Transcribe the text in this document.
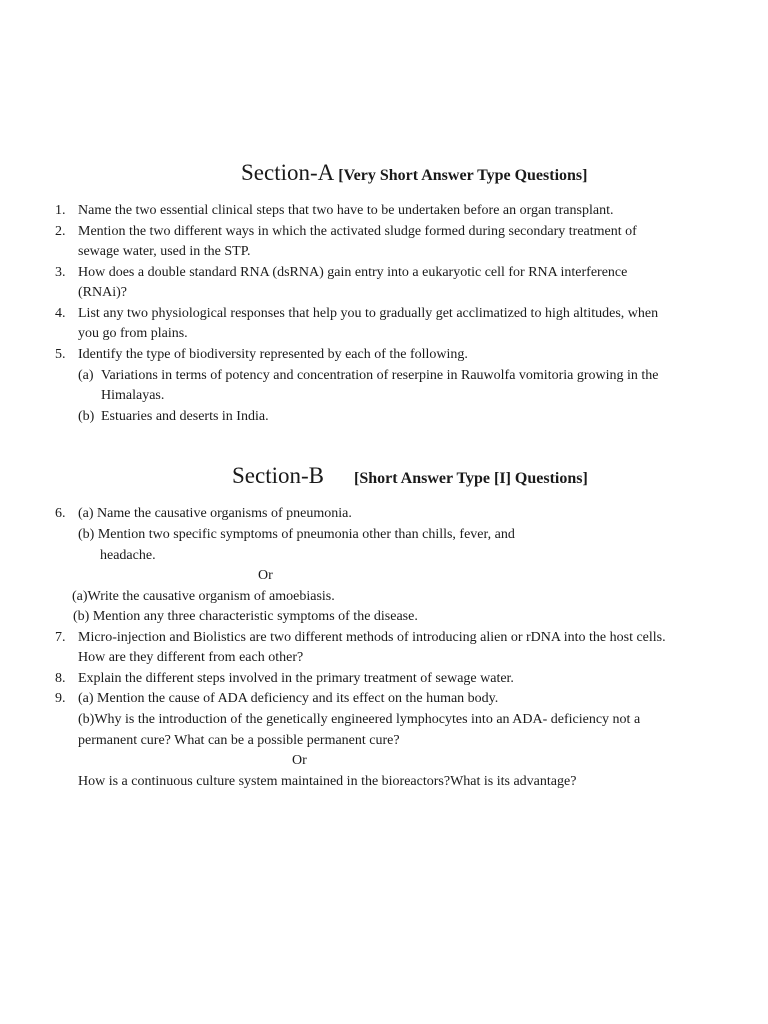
Section-A [Very Short Answer Type Questions]
1. Name the two essential clinical steps that two have to be undertaken before an organ transplant.
2. Mention the two different ways in which the activated sludge formed during secondary treatment of
sewage water, used in the STP.
3. How does a double standard RNA (dsRNA) gain entry into a eukaryotic cell for RNA interference
(RNAi)?
4. List any two physiological responses that help you to gradually get acclimatized to high altitudes, when
you go from plains.
5. Identify the type of biodiversity represented by each of the following.
(a) Variations in terms of potency and concentration of reserpine in Rauwolfa vomitoria growing in the
Himalayas.
(b) Estuaries and deserts in India.
Section-B [Short Answer Type [I] Questions]
6. (a) Name the causative organisms of pneumonia.
(b) Mention two specific symptoms of pneumonia other than chills, fever, and
headache.
Or
(a)Write the causative organism of amoebiasis.
(b) Mention any three characteristic symptoms of the disease.
7. Micro-injection and Biolistics are two different methods of introducing alien or rDNA into the host cells.
How are they different from each other?
8. Explain the different steps involved in the primary treatment of sewage water.
9. (a) Mention the cause of ADA deficiency and its effect on the human body.
(b)Why is the introduction of the genetically engineered lymphocytes into an ADA- deficiency not a
permanent cure? What can be a possible permanent cure?
Or
How is a continuous culture system maintained in the bioreactors?What is its advantage?
